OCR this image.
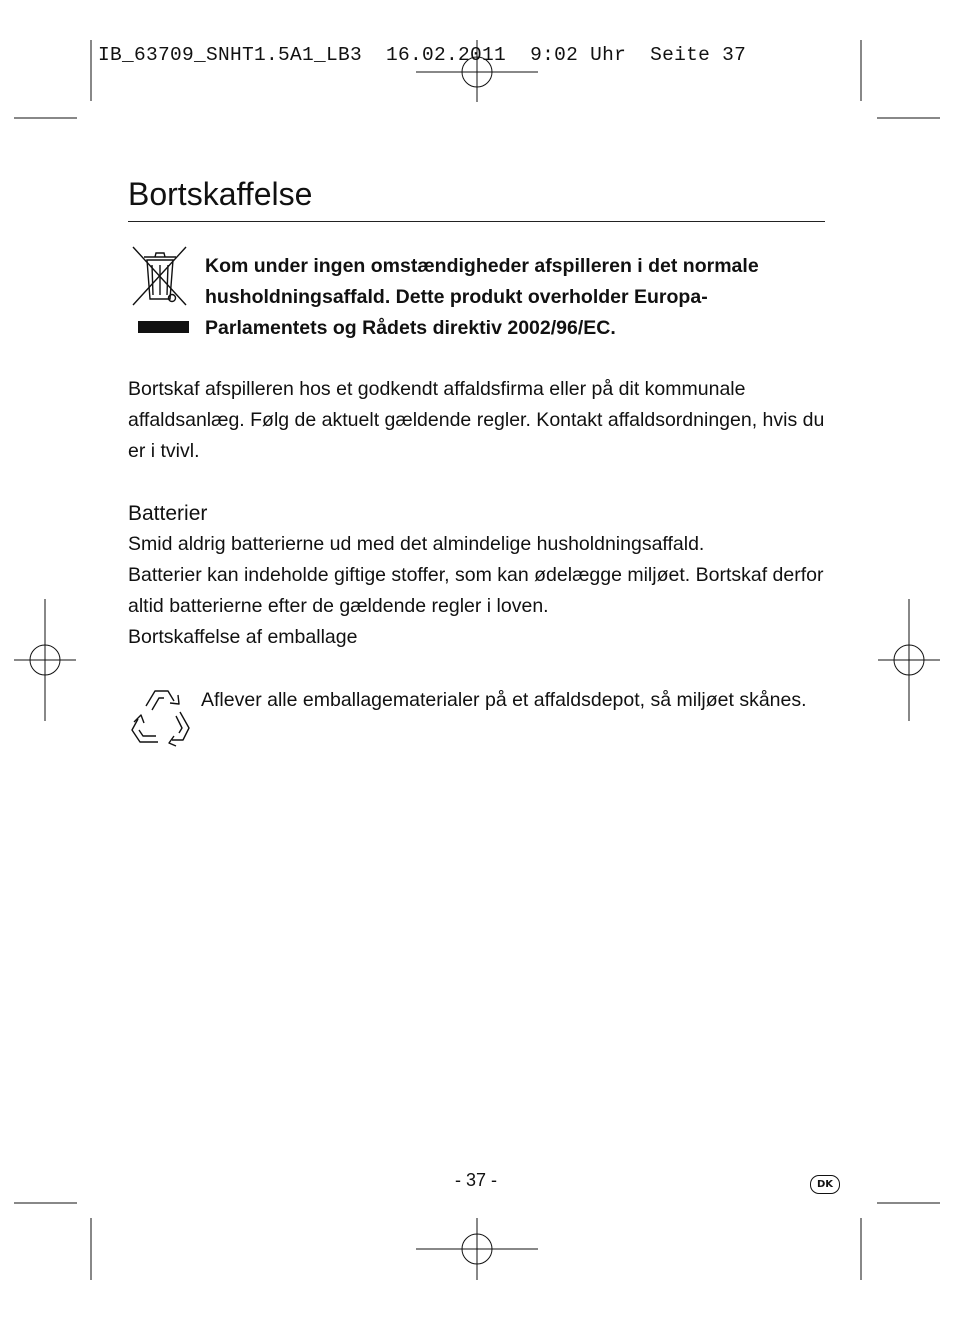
IB_63709_SNHT1.5A1_LB3  16.02.2011  9:02 Uhr  Seite 37
Bortskaffelse

Kom under ingen omstændigheder afspilleren i det normale husholdningsaffald. Dette produkt overholder Europa-Parlamentets og Rådets direktiv 2002/96/EC.

Bortskaf afspilleren hos et godkendt affaldsfirma eller på dit kommunale affaldsanlæg. Følg de aktuelt gældende regler. Kontakt affaldsordningen, hvis du er i tvivl.

Batterier

Smid aldrig batterierne ud med det almindelige husholdningsaffald.

Batterier kan indeholde giftige stoffer, som kan ødelægge miljøet. Bortskaf derfor altid batterierne efter de gældende regler i loven.

Bortskaffelse af emballage

Aflever alle emballagematerialer på et affaldsdepot, så miljøet skånes.

- 37 -	DK
